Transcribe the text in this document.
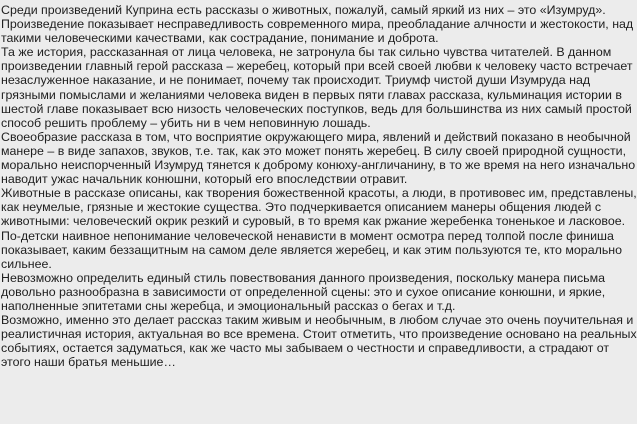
Среди произведений Куприна есть рассказы о животных, пожалуй, самый яркий из них – это «Изумруд». Произведение показывает несправедливость современного мира, преобладание алчности и жестокости, над такими человеческими качествами, как сострадание, понимание и доброта.

Та же история, рассказанная от лица человека, не затронула бы так сильно чувства читателей. В данном произведении главный герой рассказа – жеребец, который при всей своей любви к человеку часто встречает незаслуженное наказание, и не понимает, почему так происходит. Триумф чистой души Изумруда над грязными помыслами и желаниями человека виден в первых пяти главах рассказа, кульминация истории в шестой главе показывает всю низость человеческих поступков, ведь для большинства из них самый простой способ решить проблему – убить ни в чем неповинную лошадь.

Своеобразие рассказа в том, что восприятие окружающего мира, явлений и действий показано в необычной манере – в виде запахов, звуков, т.е. так, как это может понять жеребец. В силу своей природной сущности, морально неиспорченный Изумруд тянется к доброму конюху-англичанину, в то же время на него изначально наводит ужас начальник конюшни, который его впоследствии отравит.

Животные в рассказе описаны, как творения божественной красоты, а люди, в противовес им, представлены, как неумелые, грязные и жестокие существа. Это подчеркивается описанием манеры общения людей с животными: человеческий окрик резкий и суровый, в то время как ржание жеребенка тоненькое и ласковое.

По-детски наивное непонимание человеческой ненависти в момент осмотра перед толпой после финиша показывает, каким беззащитным на самом деле является жеребец, и как этим пользуются те, кто морально сильнее.

Невозможно определить единый стиль повествования данного произведения, поскольку манера письма довольно разнообразна в зависимости от определенной сцены: это и сухое описание конюшни, и яркие, наполненные эпитетами сны жеребца, и эмоциональный рассказ о бегах и т.д.

Возможно, именно это делает рассказ таким живым и необычным, в любом случае это очень поучительная и реалистичная история, актуальная во все времена. Стоит отметить, что произведение основано на реальных событиях, остается задуматься, как же часто мы забываем о честности и справедливости, а страдают от этого наши братья меньшие…
